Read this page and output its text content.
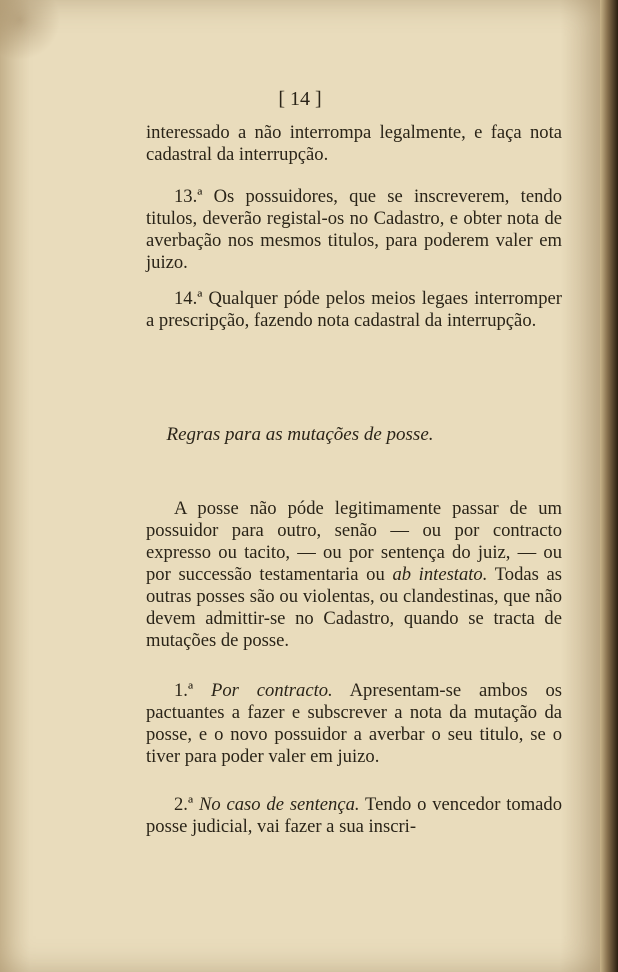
[ 14 ]

interessado a não interrompa legalmente, e faça nota cadastral da interrupção.

13.ª Os possuidores, que se inscreverem, tendo titulos, deverão registal-os no Cadastro, e obter nota de averbação nos mesmos titulos, para poderem valer em juizo.

14.ª Qualquer póde pelos meios legaes interromper a prescripção, fazendo nota cadastral da interrupção.

Regras para as mutações de posse.

A posse não póde legitimamente passar de um possuidor para outro, senão — ou por contracto expresso ou tacito, — ou por sentença do juiz, — ou por successão testamentaria ou ab intestato. Todas as outras posses são ou violentas, ou clandestinas, que não devem admittir-se no Cadastro, quando se tracta de mutações de posse.

1.ª Por contracto. Apresentam-se ambos os pactuantes a fazer e subscrever a nota da mutação da posse, e o novo possuidor a averbar o seu titulo, se o tiver para poder valer em juizo.

2.ª No caso de sentença. Tendo o vencedor tomado posse judicial, vai fazer a sua inscri-
